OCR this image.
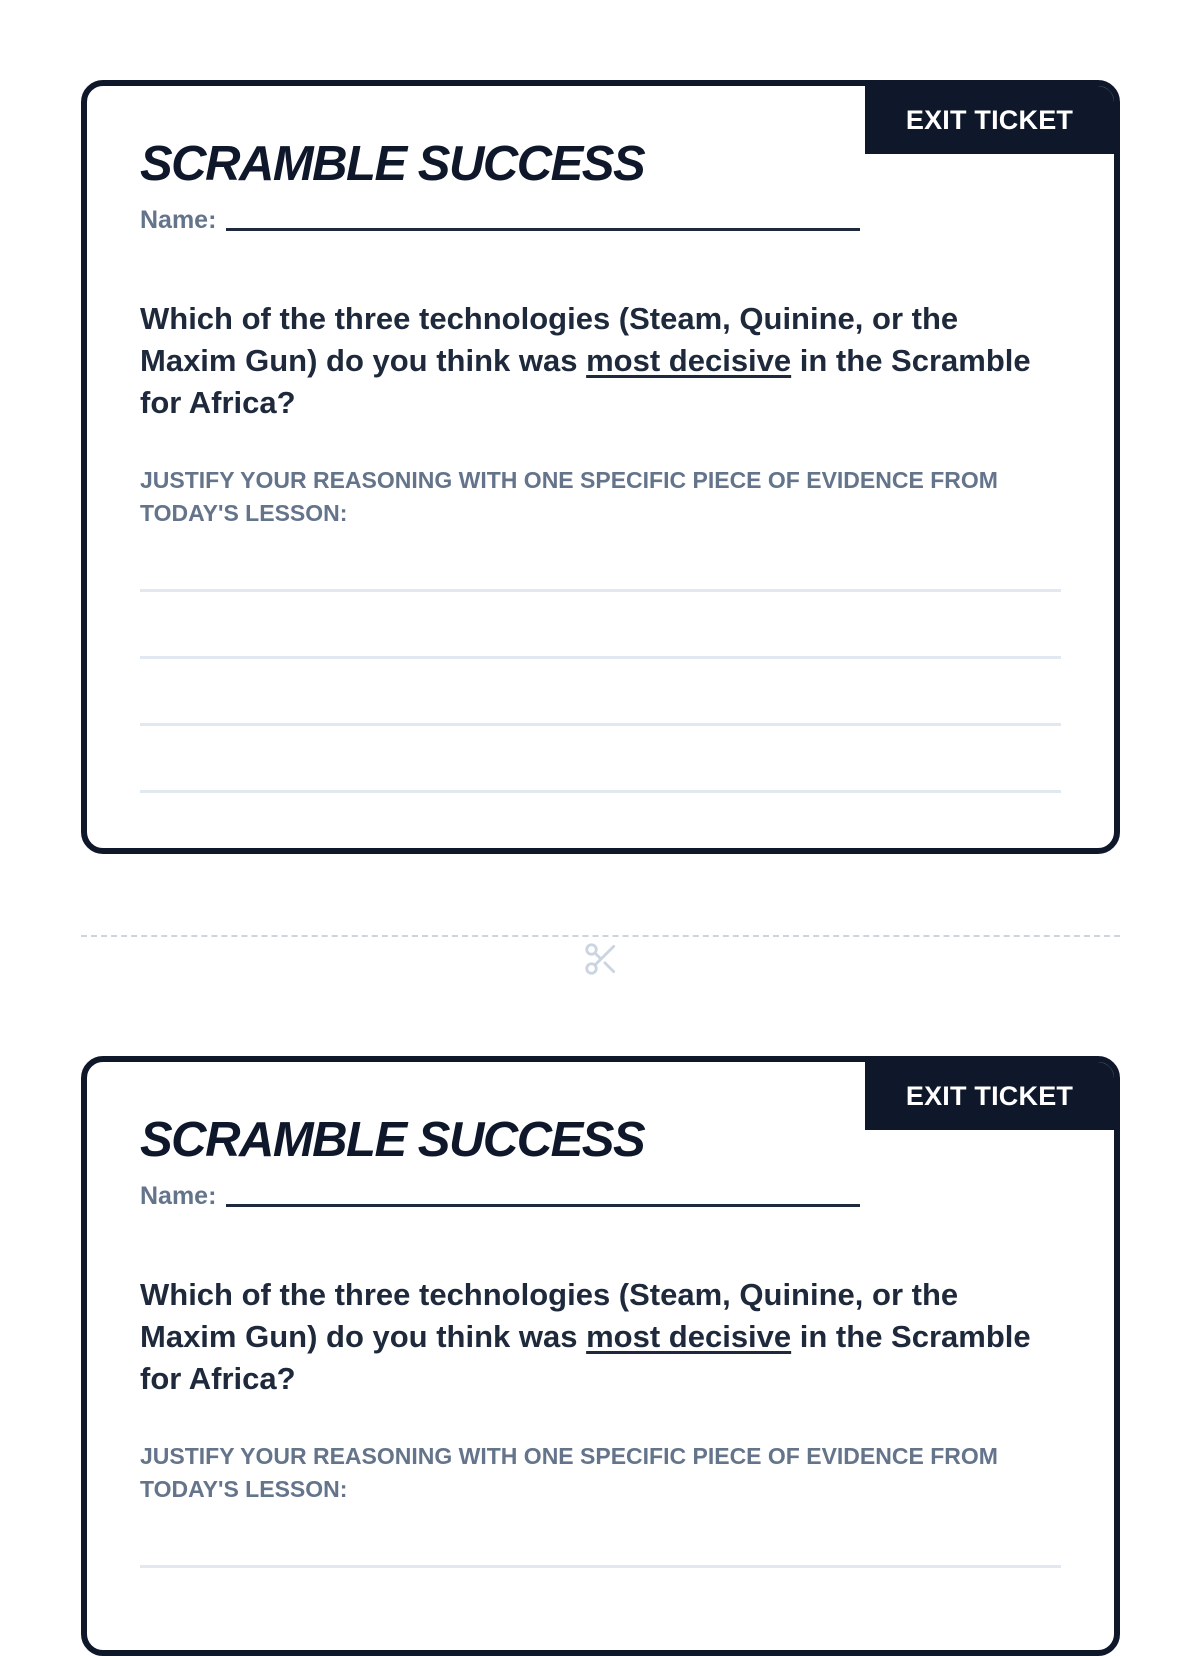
EXIT TICKET
SCRAMBLE SUCCESS
Name:

Which of the three technologies (Steam, Quinine, or the Maxim Gun) do you think was most decisive in the Scramble for Africa?

JUSTIFY YOUR REASONING WITH ONE SPECIFIC PIECE OF EVIDENCE FROM TODAY'S LESSON:

EXIT TICKET
SCRAMBLE SUCCESS
Name:

Which of the three technologies (Steam, Quinine, or the Maxim Gun) do you think was most decisive in the Scramble for Africa?

JUSTIFY YOUR REASONING WITH ONE SPECIFIC PIECE OF EVIDENCE FROM TODAY'S LESSON:
